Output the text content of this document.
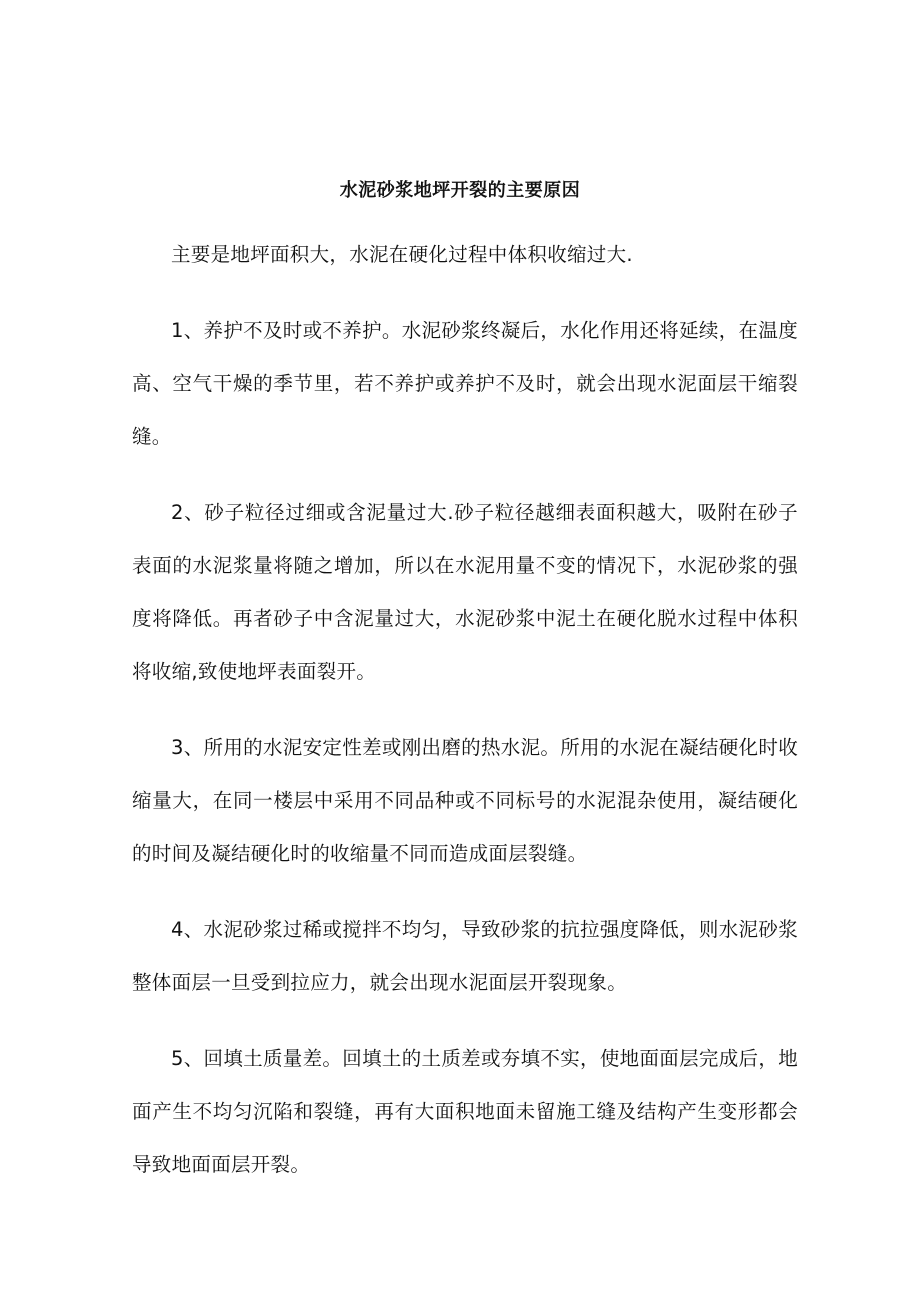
水泥砂浆地坪开裂的主要原因

主要是地坪面积大，水泥在硬化过程中体积收缩过大.

1、养护不及时或不养护。水泥砂浆终凝后，水化作用还将延续，在温度高、空气干燥的季节里，若不养护或养护不及时，就会出现水泥面层干缩裂缝。

2、砂子粒径过细或含泥量过大.砂子粒径越细表面积越大，吸附在砂子表面的水泥浆量将随之增加，所以在水泥用量不变的情况下，水泥砂浆的强度将降低。再者砂子中含泥量过大，水泥砂浆中泥土在硬化脱水过程中体积将收缩,致使地坪表面裂开。

3、所用的水泥安定性差或刚出磨的热水泥。所用的水泥在凝结硬化时收缩量大，在同一楼层中采用不同品种或不同标号的水泥混杂使用，凝结硬化的时间及凝结硬化时的收缩量不同而造成面层裂缝。

4、水泥砂浆过稀或搅拌不均匀，导致砂浆的抗拉强度降低，则水泥砂浆整体面层一旦受到拉应力，就会出现水泥面层开裂现象。

5、回填土质量差。回填土的土质差或夯填不实，使地面面层完成后，地面产生不均匀沉陷和裂缝，再有大面积地面未留施工缝及结构产生变形都会导致地面面层开裂。
